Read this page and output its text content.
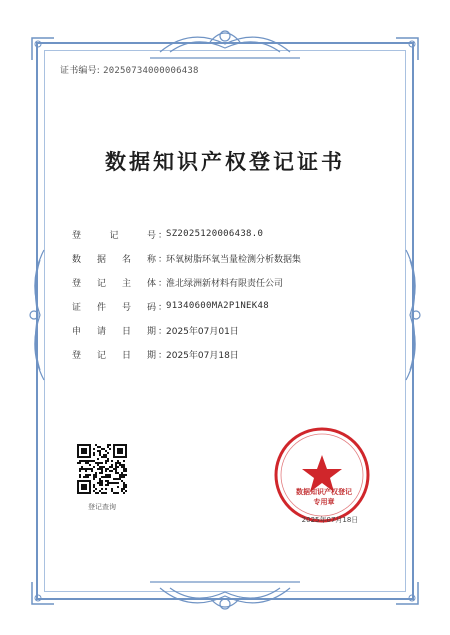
证书编号: 20250734000006438
数据知识产权登记证书
登	记	号 ：
SZ2025120006438.0
数 据 名 称 ：
环氧树脂环氧当量检测分析数据集
登 记 主 体 ：
淮北绿洲新材料有限责任公司
证 件 号 码 ：
91340600MA2P1NEK48
申 请 日 期 ：
2025年07月01日
登 记 日 期 ：
2025年07月18日
登记查询
数据知识产权登记
专用章
2025年07月18日
